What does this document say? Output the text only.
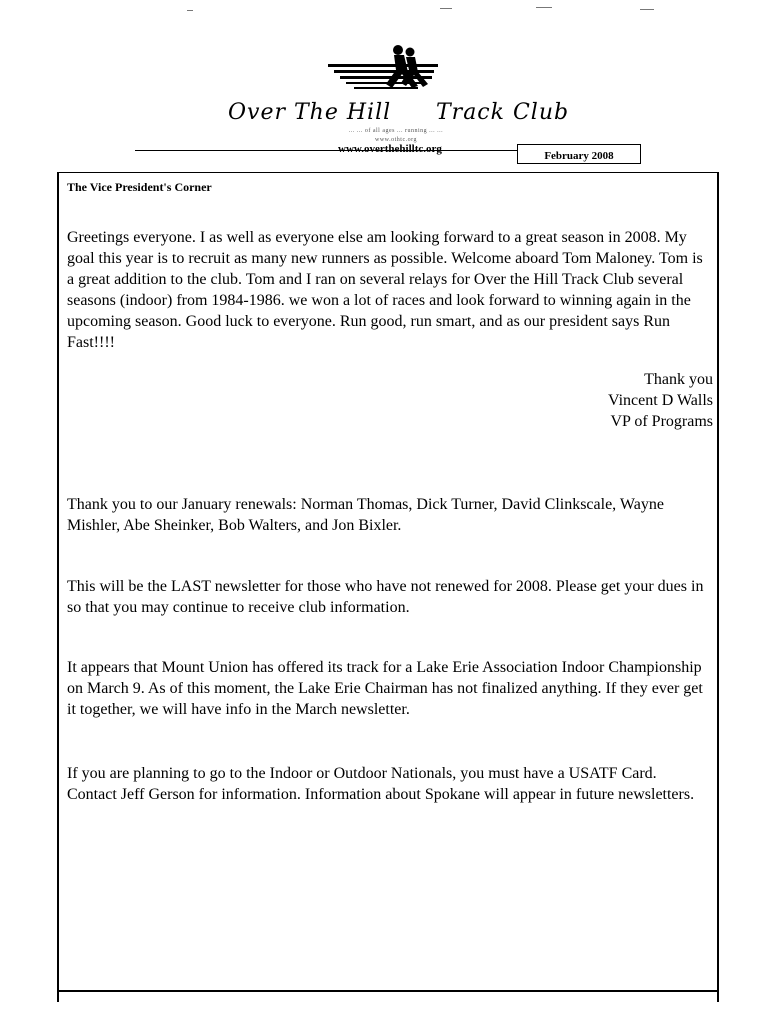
Over The Hill Track Club
... ... of all ages ... running ... ...
www.othtc.org
www.overthehilltc.org
February 2008
The Vice President's Corner
Greetings everyone. I as well as everyone else am looking forward to a great season in 2008. My goal this year is to recruit as many new runners as possible. Welcome aboard Tom Maloney. Tom is a great addition to the club. Tom and I ran on several relays for Over the Hill Track Club several seasons (indoor) from 1984-1986. we won a lot of races and look forward to winning again in the upcoming season. Good luck to everyone. Run good, run smart, and as our president says Run Fast!!!!
Thank you
Vincent D Walls
VP of Programs
Thank you to our January renewals: Norman Thomas, Dick Turner, David Clinkscale, Wayne Mishler, Abe Sheinker, Bob Walters, and Jon Bixler.
This will be the LAST newsletter for those who have not renewed for 2008. Please get your dues in so that you may continue to receive club information.
It appears that Mount Union has offered its track for a Lake Erie Association Indoor Championship on March 9. As of this moment, the Lake Erie Chairman has not finalized anything. If they ever get it together, we will have info in the March newsletter.
If you are planning to go to the Indoor or Outdoor Nationals, you must have a USATF Card. Contact Jeff Gerson for information. Information about Spokane will appear in future newsletters.
